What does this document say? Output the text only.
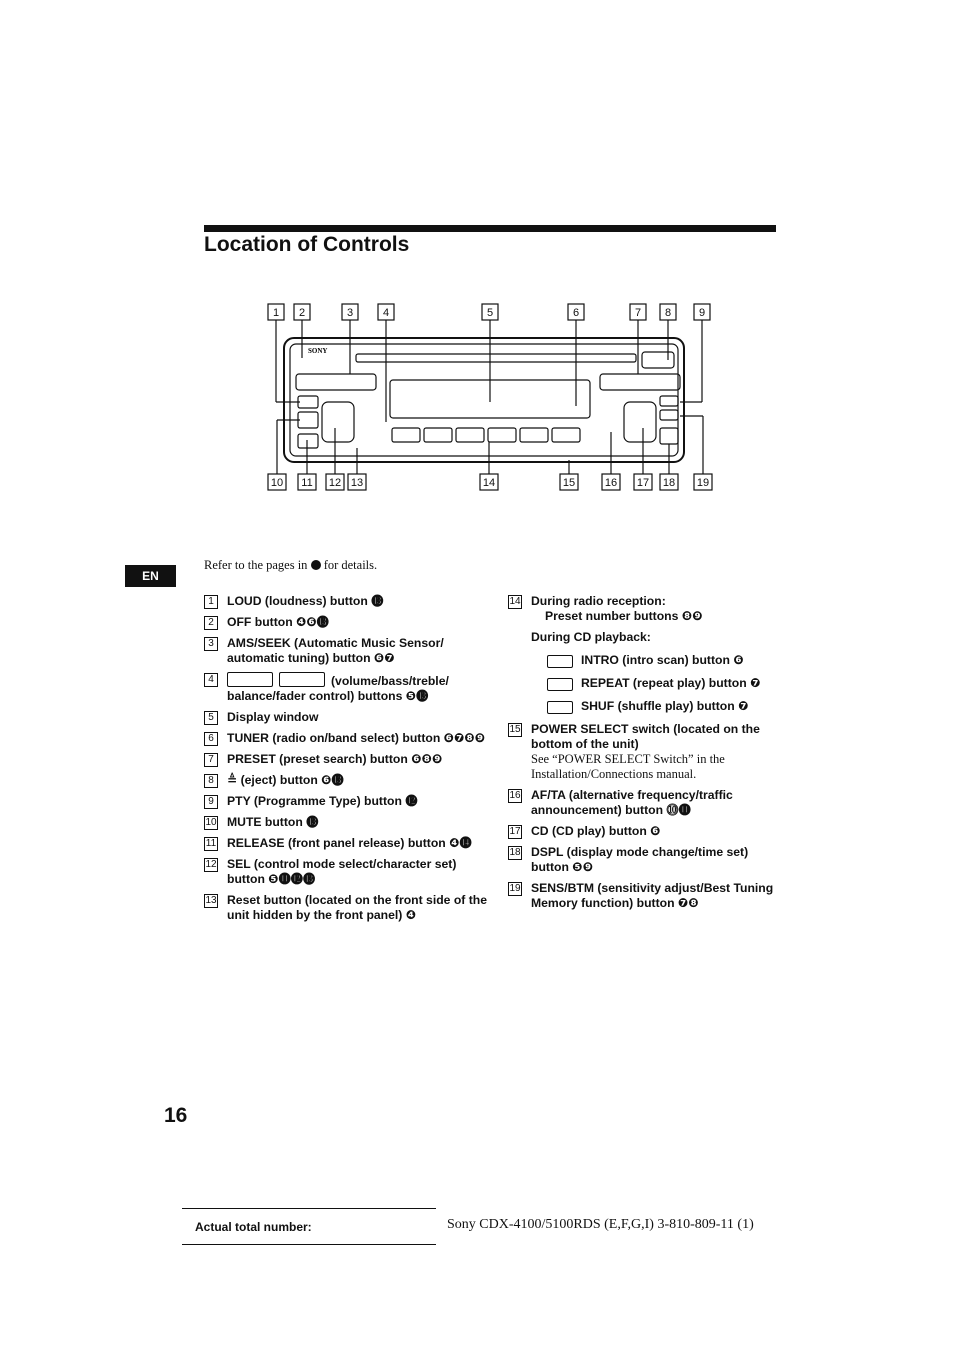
Location of Controls
SONY
1 2	3	4	5	6	7 8	9
10 11 12 13	14	15	16 17 18 19
EN
Refer to the pages in for details.
1	LOUD (loudness) button ⓭
2	OFF button ❹❻⓭
3	AMS/SEEK (Automatic Music Sensor/ automatic tuning) button ❻❼
4	(volume/bass/treble/ balance/fader control) buttons ❺⓭
5	Display window
6	TUNER (radio on/band select) button ❻❼❽❾
7	PRESET (preset search) button ❻❽❾
8	≜ (eject) button ❻⓭
9	PTY (Programme Type) button ⓬
10 MUTE button ⓭
11 RELEASE (front panel release) button ❹⓮
12 SEL (control mode select/character set) button ❺⓫⓬⓭
13 Reset button (located on the front side of the unit hidden by the front panel) ❹
14 During radio reception:
Preset number buttons ❽❾
During CD playback:
INTRO (intro scan) button ❻
REPEAT (repeat play) button ❼
SHUF (shuffle play) button ❼
15 POWER SELECT switch (located on the bottom of the unit)
See “POWER SELECT Switch” in the Installation/Connections manual.
16 AF/TA (alternative frequency/traffic announcement) button ⓾⓫
17 CD (CD play) button ❻
18 DSPL (display mode change/time set) button ❺❾
19 SENS/BTM (sensitivity adjust/Best Tuning Memory function) button ❼❽
16
Actual total number:	Sony CDX-4100/5100RDS (E,F,G,I) 3-810-809-11 (1)
